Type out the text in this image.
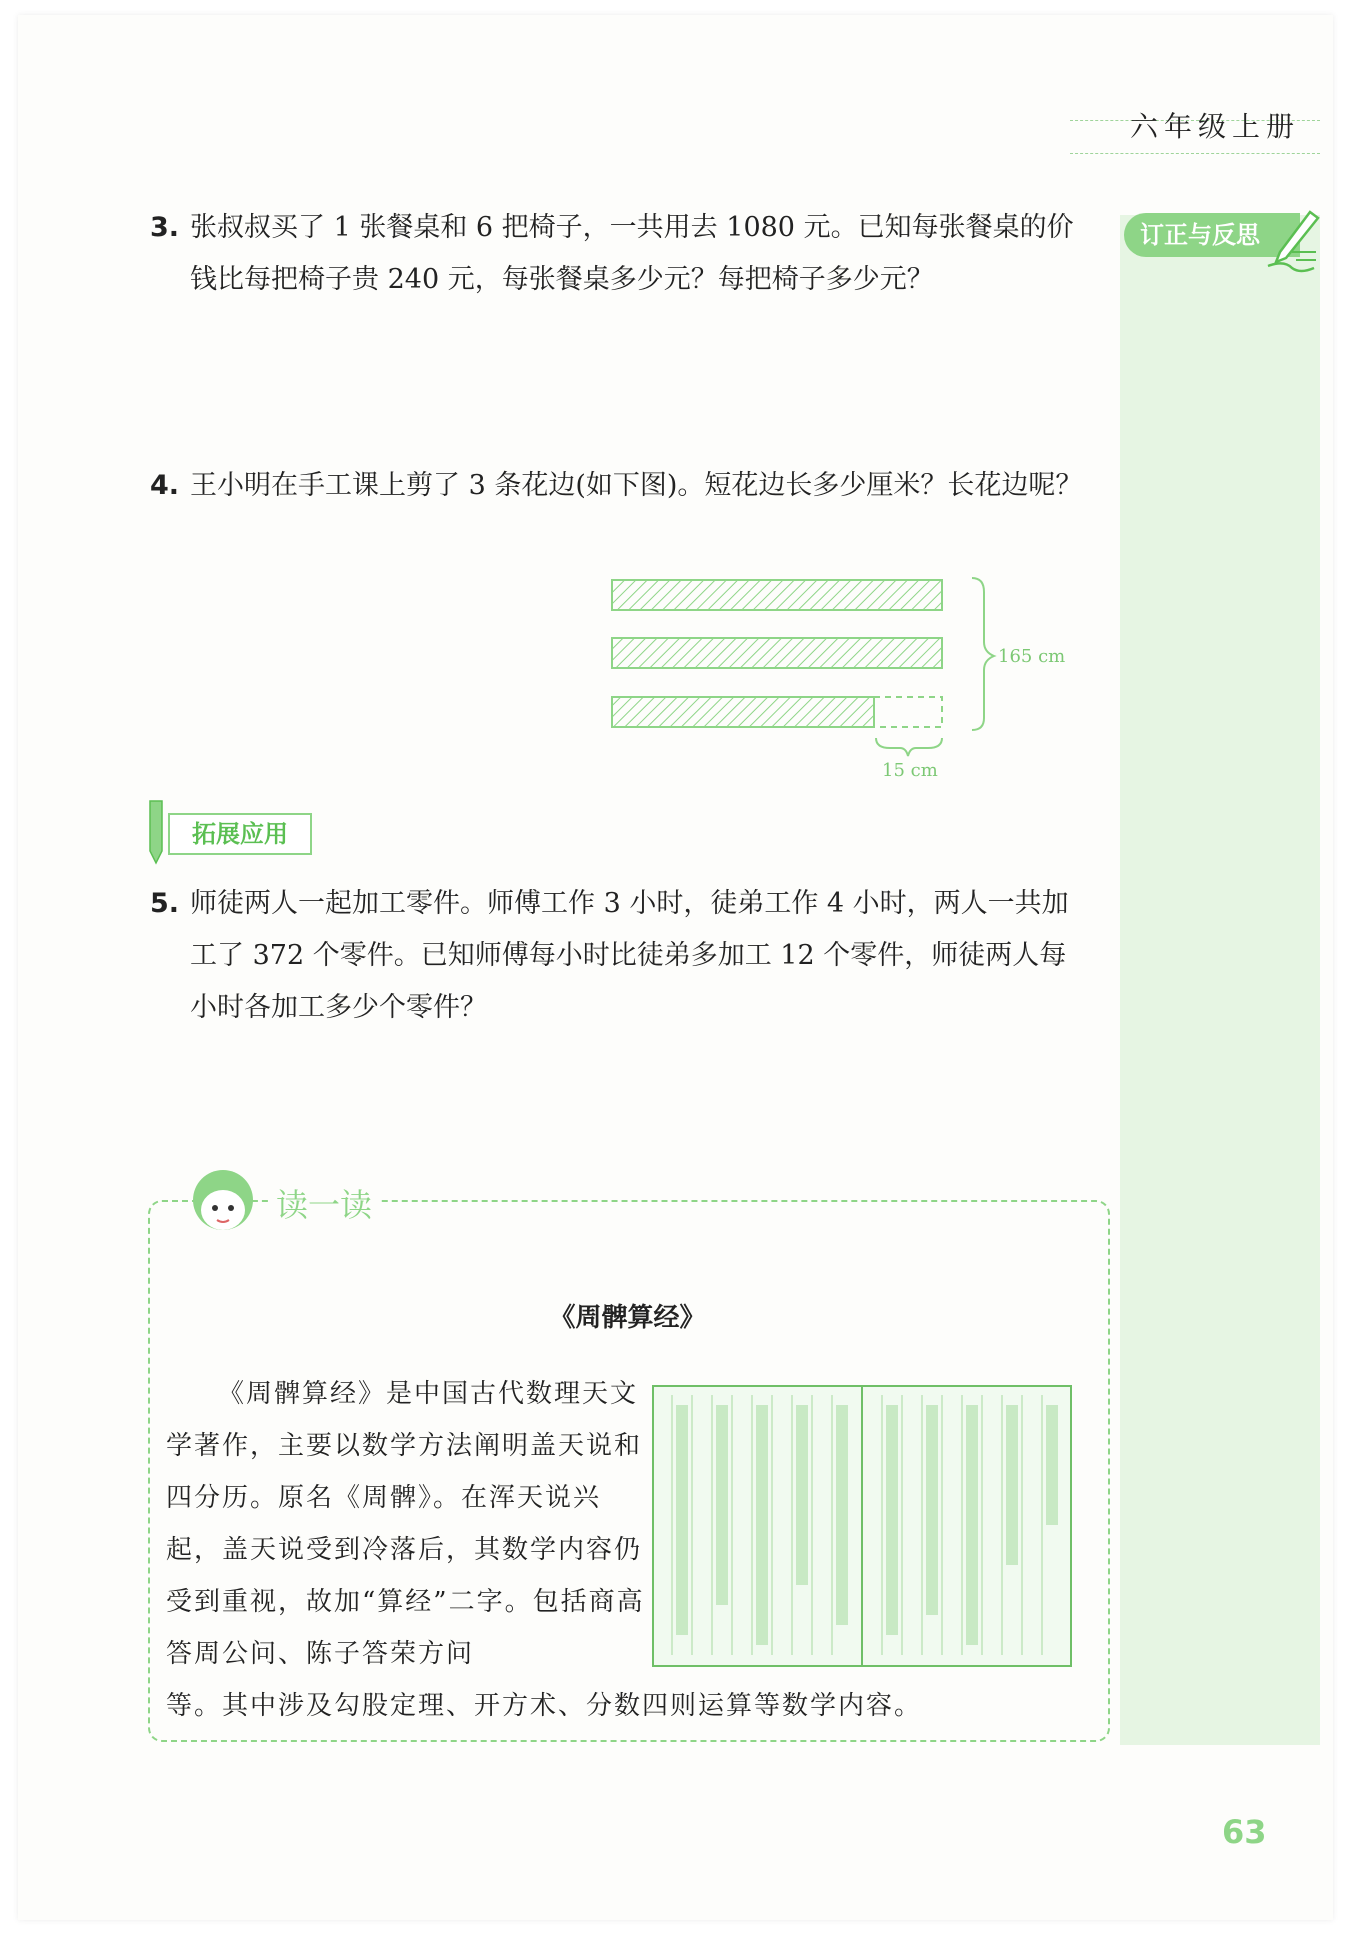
六年级上册
订正与反思
3. 张叔叔买了 1 张餐桌和 6 把椅子，一共用去 1080 元。已知每张餐桌的价钱比每把椅子贵 240 元，每张餐桌多少元？每把椅子多少元？
4. 王小明在手工课上剪了 3 条花边(如下图)。短花边长多少厘米？长花边呢？
165 cm
15 cm
拓展应用
5. 师徒两人一起加工零件。师傅工作 3 小时，徒弟工作 4 小时，两人一共加工了 372 个零件。已知师傅每小时比徒弟多加工 12 个零件，师徒两人每小时各加工多少个零件？
读一读
《周髀算经》
《周髀算经》是中国古代数理天文学著作，主要以数学方法阐明盖天说和四分历。原名《周髀》。在浑天说兴起，盖天说受到冷落后，其数学内容仍受到重视，故加“算经”二字。包括商高答周公问、陈子答荣方问
等。其中涉及勾股定理、开方术、分数四则运算等数学内容。
63
